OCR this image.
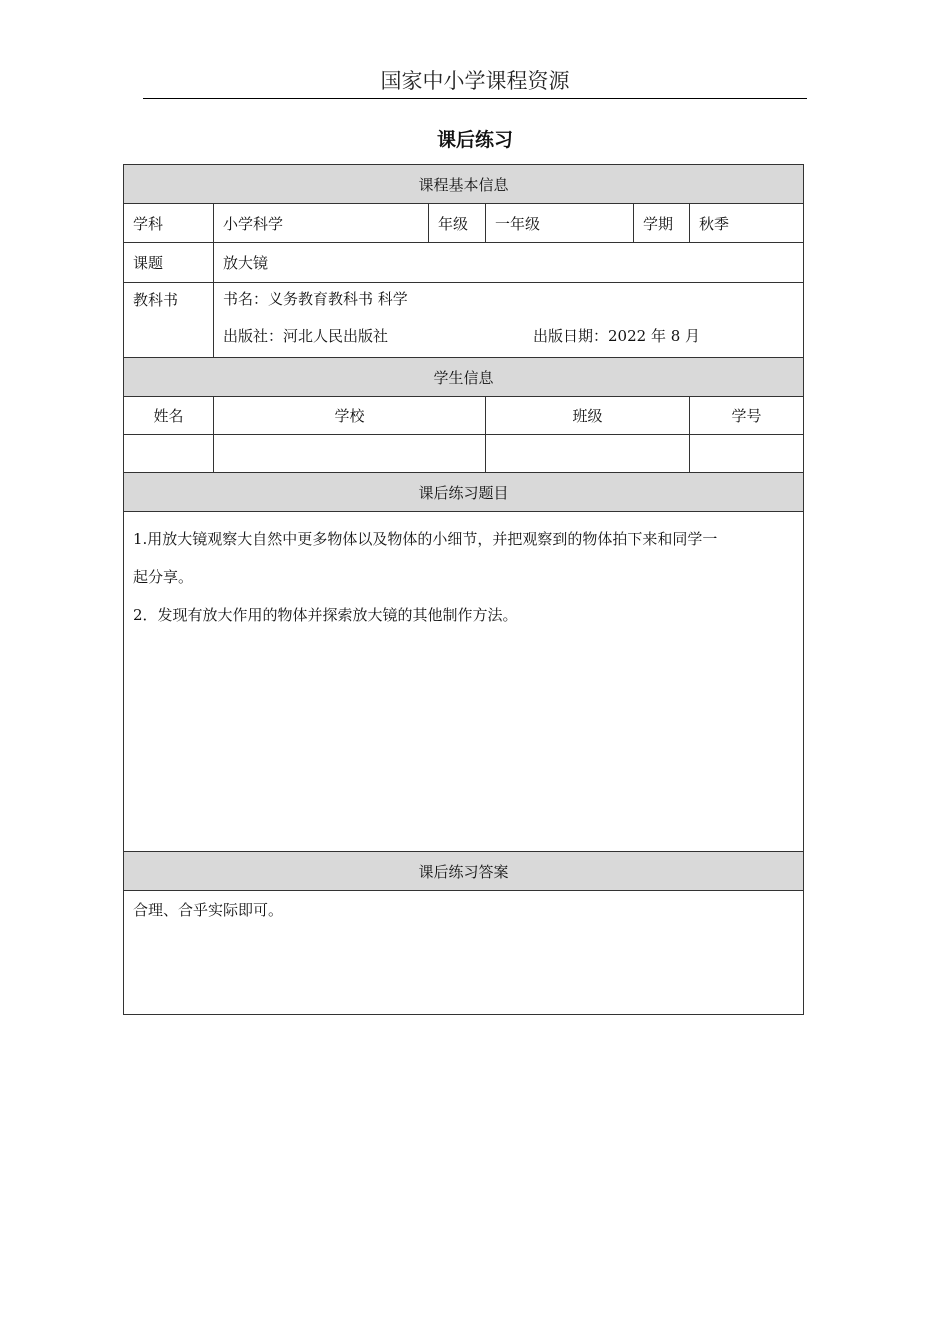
国家中小学课程资源
课后练习
课程基本信息					
学科	小学科学	年级	一年级	学期	秋季
课题	放大镜				
教科书	书名：义务教育教科书 科学
出版社：河北人民出版社 出版日期：2022 年 8 月				

学生信息					
姓名	学校		班级		学号

课后练习题目					

1.用放大镜观察大自然中更多物体以及物体的小细节，并把观察到的物体拍下来和同学一
起分享。
2．发现有放大作用的物体并探索放大镜的其他制作方法。					

课后练习答案					
合理、合乎实际即可。					
